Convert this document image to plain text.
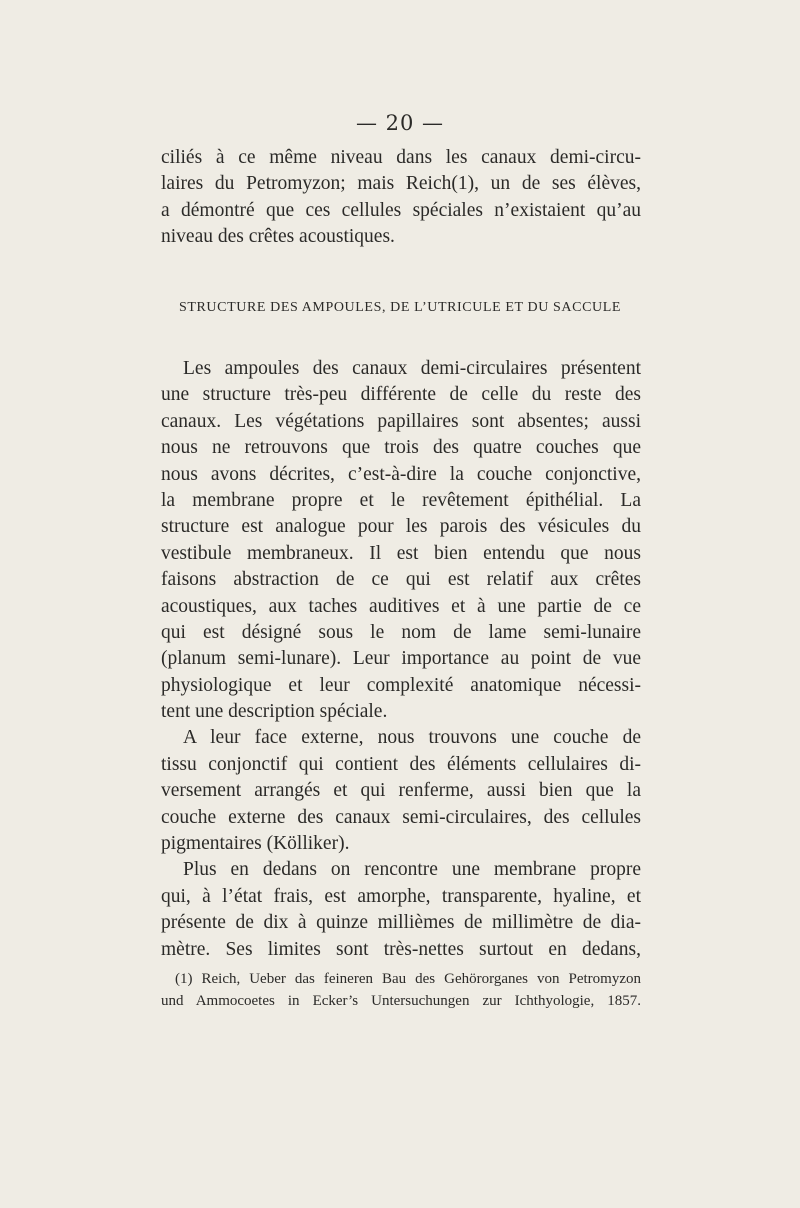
— 20 —
ciliés à ce même niveau dans les canaux demi-circu-
laires du Petromyzon; mais Reich(1), un de ses élèves,
a démontré que ces cellules spéciales n’existaient qu’au
niveau des crêtes acoustiques.
STRUCTURE DES AMPOULES, DE L’UTRICULE ET DU SACCULE
Les ampoules des canaux demi-circulaires présentent
une structure très-peu différente de celle du reste des
canaux. Les végétations papillaires sont absentes; aussi
nous ne retrouvons que trois des quatre couches que
nous avons décrites, c’est-à-dire la couche conjonctive,
la membrane propre et le revêtement épithélial. La
structure est analogue pour les parois des vésicules du
vestibule membraneux. Il est bien entendu que nous
faisons abstraction de ce qui est relatif aux crêtes
acoustiques, aux taches auditives et à une partie de ce
qui est désigné sous le nom de lame semi-lunaire
(planum semi-lunare). Leur importance au point de vue
physiologique et leur complexité anatomique nécessi-
tent une description spéciale.
A leur face externe, nous trouvons une couche de
tissu conjonctif qui contient des éléments cellulaires di-
versement arrangés et qui renferme, aussi bien que la
couche externe des canaux semi-circulaires, des cellules
pigmentaires (Kölliker).
Plus en dedans on rencontre une membrane propre
qui, à l’état frais, est amorphe, transparente, hyaline, et
présente de dix à quinze millièmes de millimètre de dia-
mètre. Ses limites sont très-nettes surtout en dedans,
(1) Reich, Ueber das feineren Bau des Gehörorganes von Petromyzon
und Ammocoetes in Ecker’s Untersuchungen zur Ichthyologie, 1857.
